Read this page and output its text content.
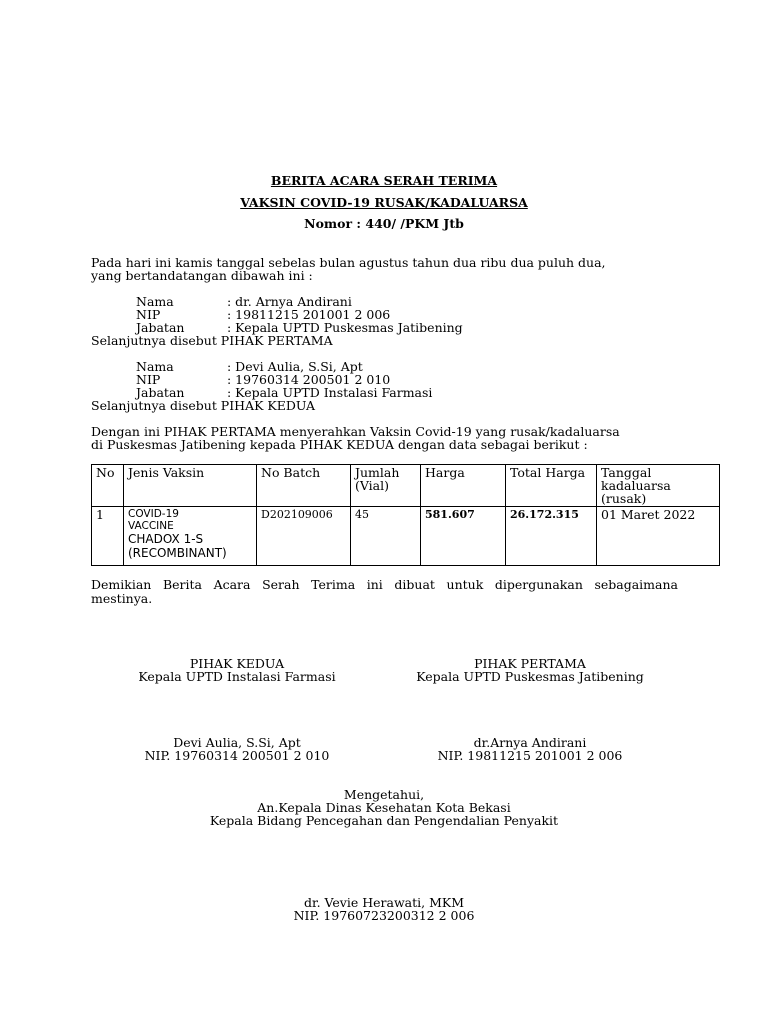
BERITA ACARA SERAH TERIMA
VAKSIN COVID-19 RUSAK/KADALUARSA
Nomor : 440/ /PKM Jtb
Pada hari ini kamis tanggal sebelas bulan agustus tahun dua ribu dua puluh dua,
yang bertandatangan dibawah ini :
Nama	: dr. Arnya Andirani
NIP	: 19811215 201001 2 006
Jabatan	: Kepala UPTD Puskesmas Jatibening
Selanjutnya disebut PIHAK PERTAMA
Nama	: Devi Aulia, S.Si, Apt
NIP	: 19760314 200501 2 010
Jabatan	: Kepala UPTD Instalasi Farmasi
Selanjutnya disebut PIHAK KEDUA
Dengan ini PIHAK PERTAMA menyerahkan Vaksin Covid-19 yang rusak/kadaluarsa
di Puskesmas Jatibening kepada PIHAK KEDUA dengan data sebagai berikut :
No	Jenis Vaksin	No Batch	Jumlah (Vial)	Harga	Total Harga	Tanggal kadaluarsa (rusak)
1	COVID-19
VACCINE
CHADOX 1-S
(RECOMBINANT)	D202109006	45	581.607	26.172.315	01 Maret 2022
Demikian Berita Acara Serah Terima ini dibuat untuk dipergunakan sebagaimana
mestinya.
PIHAK KEDUA
Kepala UPTD Instalasi Farmasi
Devi Aulia, S.Si, Apt
NIP. 19760314 200501 2 010
PIHAK PERTAMA
Kepala UPTD Puskesmas Jatibening
dr.Arnya Andirani
NIP. 19811215 201001 2 006
Mengetahui,
An.Kepala Dinas Kesehatan Kota Bekasi
Kepala Bidang Pencegahan dan Pengendalian Penyakit
dr. Vevie Herawati, MKM
NIP. 19760723200312 2 006
